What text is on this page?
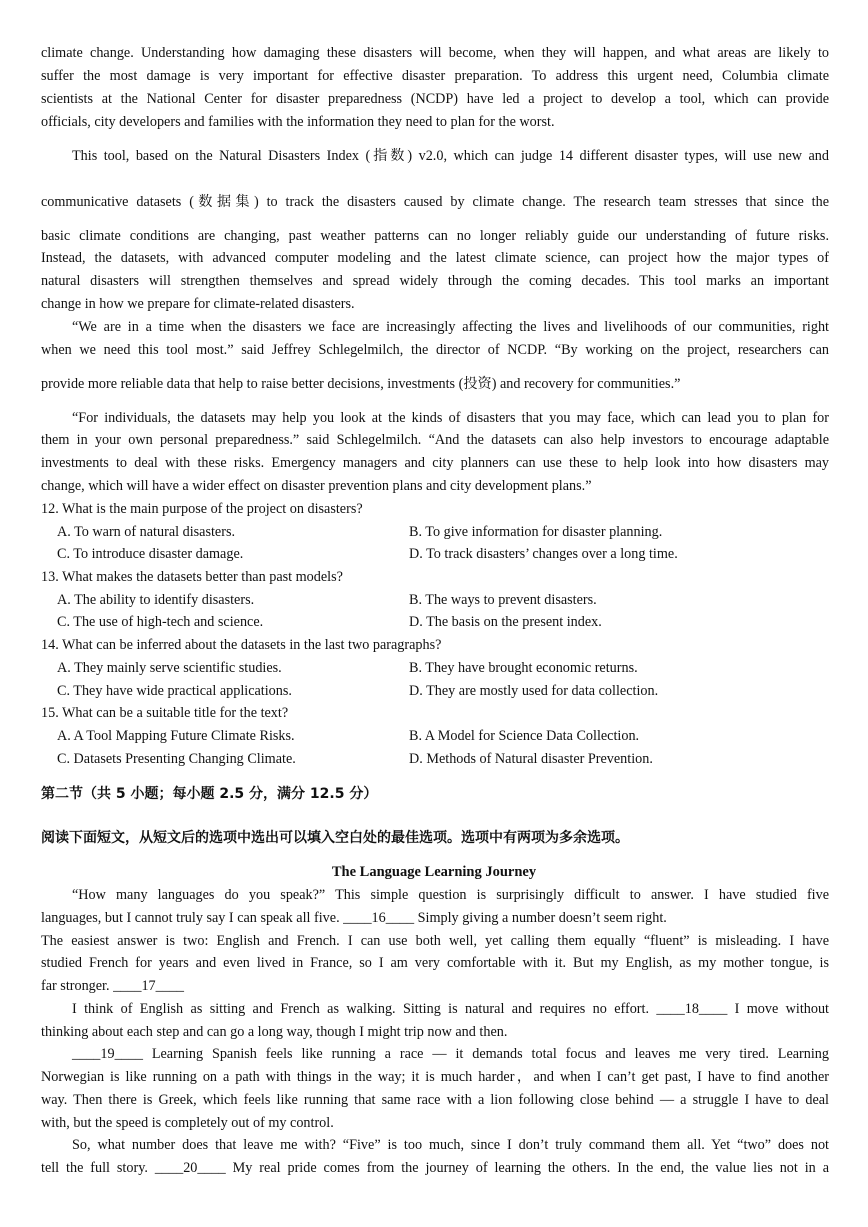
climate change. Understanding how damaging these disasters will become, when they will happen, and what areas are likely to
suffer the most damage is very important for effective disaster preparation. To address this urgent need, Columbia climate
scientists at the National Center for disaster preparedness (NCDP) have led a project to develop a tool, which can provide
officials, city developers and families with the information they need to plan for the worst.
This tool, based on the Natural Disasters Index (指数) v2.0, which can judge 14 different disaster types, will use new and
communicative datasets (数据集) to track the disasters caused by climate change. The research team stresses that since the
basic climate conditions are changing, past weather patterns can no longer reliably guide our understanding of future risks.
Instead, the datasets, with advanced computer modeling and the latest climate science, can project how the major types of
natural disasters will strengthen themselves and spread widely through the coming decades. This tool marks an important
change in how we prepare for climate-related disasters.
“We are in a time when the disasters we face are increasingly affecting the lives and livelihoods of our communities, right
when we need this tool most.” said Jeffrey Schlegelmilch, the director of NCDP. “By working on the project, researchers can
provide more reliable data that help to raise better decisions, investments (投资) and recovery for communities.”
“For individuals, the datasets may help you look at the kinds of disasters that you may face, which can lead you to plan for
them in your own personal preparedness.” said Schlegelmilch. “And the datasets can also help investors to encourage adaptable
investments to deal with these risks. Emergency managers and city planners can use these to help look into how disasters may
change, which will have a wider effect on disaster prevention plans and city development plans.”
12. What is the main purpose of the project on disasters?
A. To warn of natural disasters.	B. To give information for disaster planning.
C. To introduce disaster damage.	D. To track disasters’ changes over a long time.
13. What makes the datasets better than past models?
A. The ability to identify disasters.	B. The ways to prevent disasters.
C. The use of high-tech and science.	D. The basis on the present index.
14. What can be inferred about the datasets in the last two paragraphs?
A. They mainly serve scientific studies.	B. They have brought economic returns.
C. They have wide practical applications.	D. They are mostly used for data collection.
15. What can be a suitable title for the text?
A. A Tool Mapping Future Climate Risks.	B. A Model for Science Data Collection.
C. Datasets Presenting Changing Climate.	D. Methods of Natural disaster Prevention.
第二节（共 5 小题；每小题 2.5 分，满分 12.5 分）
阅读下面短文，从短文后的选项中选出可以填入空白处的最佳选项。选项中有两项为多余选项。
The Language Learning Journey
“How many languages do you speak?” This simple question is surprisingly difficult to answer. I have studied five
languages, but I cannot truly say I can speak all five. ____16____ Simply giving a number doesn’t seem right.
The easiest answer is two: English and French. I can use both well, yet calling them equally “fluent” is misleading. I have
studied French for years and even lived in France, so I am very comfortable with it. But my English, as my mother tongue, is
far stronger. ____17____
I think of English as sitting and French as walking. Sitting is natural and requires no effort. ____18____ I move without
thinking about each step and can go a long way, though I might trip now and then.
____19____ Learning Spanish feels like running a race — it demands total focus and leaves me very tired. Learning
Norwegian is like running on a path with things in the way; it is much harder，and when I can’t get past, I have to find another
way. Then there is Greek, which feels like running that same race with a lion following close behind — a struggle I have to deal
with, but the speed is completely out of my control.
So, what number does that leave me with? “Five” is too much, since I don’t truly command them all. Yet “two” does not
tell the full story. ____20____ My real pride comes from the journey of learning the others. In the end, the value lies not in a
